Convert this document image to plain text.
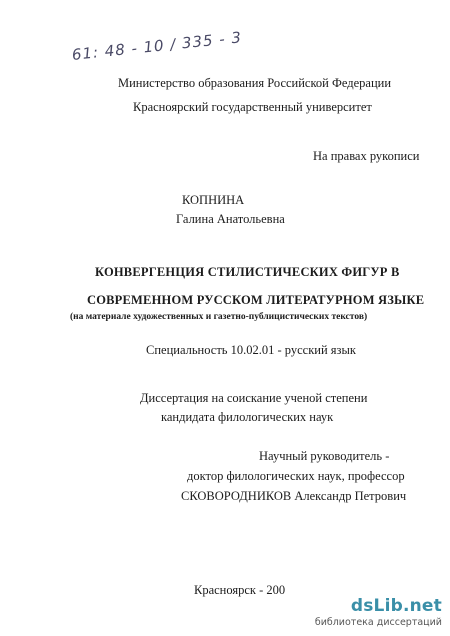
61: 48 - 10 / 335 - 3
Министерство образования Российской Федерации
Красноярский государственный университет
На правах рукописи
КОПНИНА
Галина Анатольевна
КОНВЕРГЕНЦИЯ СТИЛИСТИЧЕСКИХ ФИГУР В
СОВРЕМЕННОМ РУССКОМ ЛИТЕРАТУРНОМ ЯЗЫКЕ
(на материале художественных и газетно-публицистических текстов)
Специальность 10.02.01 - русский язык
Диссертация на соискание ученой степени
кандидата филологических наук
Научный руководитель -
доктор филологических наук, профессор
СКОВОРОДНИКОВ Александр Петрович
Красноярск - 200
dsLib.net
библиотека диссертаций
